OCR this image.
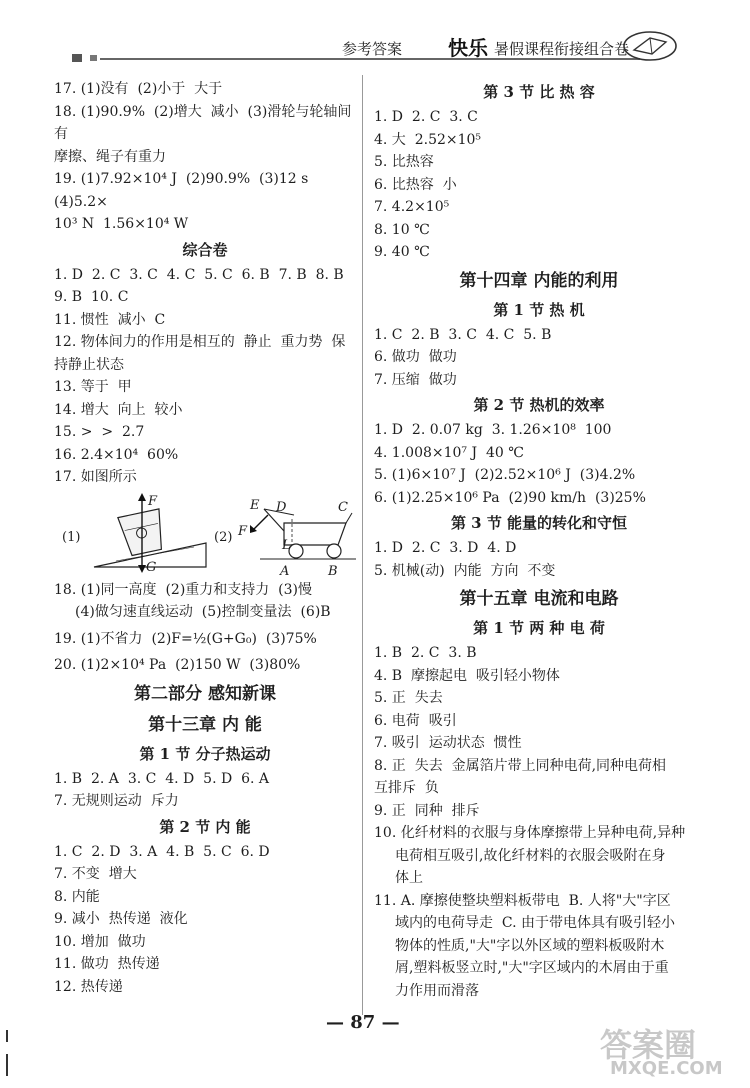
参考答案 快乐 暑假课程衔接组合卷
17. (1)没有  (2)小于  大于
18. (1)90.9%  (2)增大  减小  (3)滑轮与轮轴间有
摩擦、绳子有重力
19. (1)7.92×10⁴ J  (2)90.9%  (3)12 s  (4)5.2×
10³ N  1.56×10⁴ W
综合卷
1. D  2. C  3. C  4. C  5. C  6. B  7. B  8. B
9. B  10. C
11. 惯性  减小  C
12. 物体间力的作用是相互的  静止  重力势  保
持静止状态
13. 等于  甲
14. 增大  向上  较小
15. >  >  2.7
16. 2.4×10⁴  60%
17. 如图所示
(1)
F
G
(2) F
E D	C
L
A	B
18. (1)同一高度  (2)重力和支持力  (3)慢
(4)做匀速直线运动  (5)控制变量法  (6)B
19. (1)不省力  (2)F=½(G+G₀)  (3)75%
20. (1)2×10⁴ Pa  (2)150 W  (3)80%
第二部分 感知新课
第十三章 内 能
第 1 节 分子热运动
1. B  2. A  3. C  4. D  5. D  6. A
7. 无规则运动  斥力
第 2 节 内 能
1. C  2. D  3. A  4. B  5. C  6. D
7. 不变  增大
8. 内能
9. 减小  热传递  液化
10. 增加  做功
11. 做功  热传递
12. 热传递
第 3 节 比 热 容
1. D  2. C  3. C
4. 大  2.52×10⁵
5. 比热容
6. 比热容  小
7. 4.2×10⁵
8. 10 ℃
9. 40 ℃
第十四章 内能的利用
第 1 节 热 机
1. C  2. B  3. C  4. C  5. B
6. 做功  做功
7. 压缩  做功
第 2 节 热机的效率
1. D  2. 0.07 kg  3. 1.26×10⁸  100
4. 1.008×10⁷ J  40 ℃
5. (1)6×10⁷ J  (2)2.52×10⁶ J  (3)4.2%
6. (1)2.25×10⁶ Pa  (2)90 km/h  (3)25%
第 3 节 能量的转化和守恒
1. D  2. C  3. D  4. D
5. 机械(动)  内能  方向  不变
第十五章 电流和电路
第 1 节 两 种 电 荷
1. B  2. C  3. B
4. B  摩擦起电  吸引轻小物体
5. 正  失去
6. 电荷  吸引
7. 吸引  运动状态  惯性
8. 正  失去  金属箔片带上同种电荷,同种电荷相
互排斥  负
9. 正  同种  排斥
10. 化纤材料的衣服与身体摩擦带上异种电荷,异种
电荷相互吸引,故化纤材料的衣服会吸附在身
体上
11. A. 摩擦使整块塑料板带电  B. 人将"大"字区
域内的电荷导走  C. 由于带电体具有吸引轻小
物体的性质,"大"字以外区域的塑料板吸附木
屑,塑料板竖立时,"大"字区域内的木屑由于重
力作用而滑落
— 87 —
答案圈
MXQE.COM
